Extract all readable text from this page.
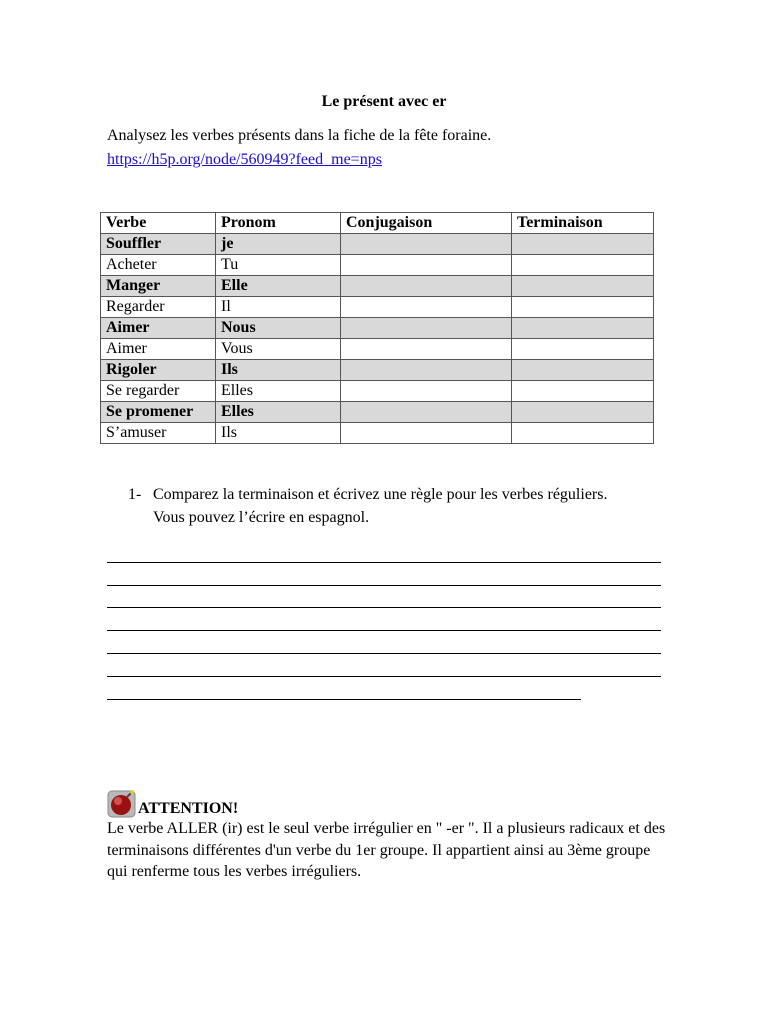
Le présent avec er
Analysez les verbes présents dans la fiche de la fête foraine.
https://h5p.org/node/560949?feed_me=nps
Verbe	Pronom	Conjugaison	Terminaison
Souffler	je		
Acheter	Tu		
Manger	Elle		
Regarder	Il		
Aimer	Nous		
Aimer	Vous		
Rigoler	Ils		
Se regarder	Elles		
Se promener	Elles		
S’amuser	Ils		
1- Comparez la terminaison et écrivez une règle pour les verbes réguliers.
Vous pouvez l’écrire en espagnol.
ATTENTION!
Le verbe ALLER (ir) est le seul verbe irrégulier en " -er ". Il a plusieurs radicaux et des terminaisons différentes d'un verbe du 1er groupe. Il appartient ainsi au 3ème groupe qui renferme tous les verbes irréguliers.
